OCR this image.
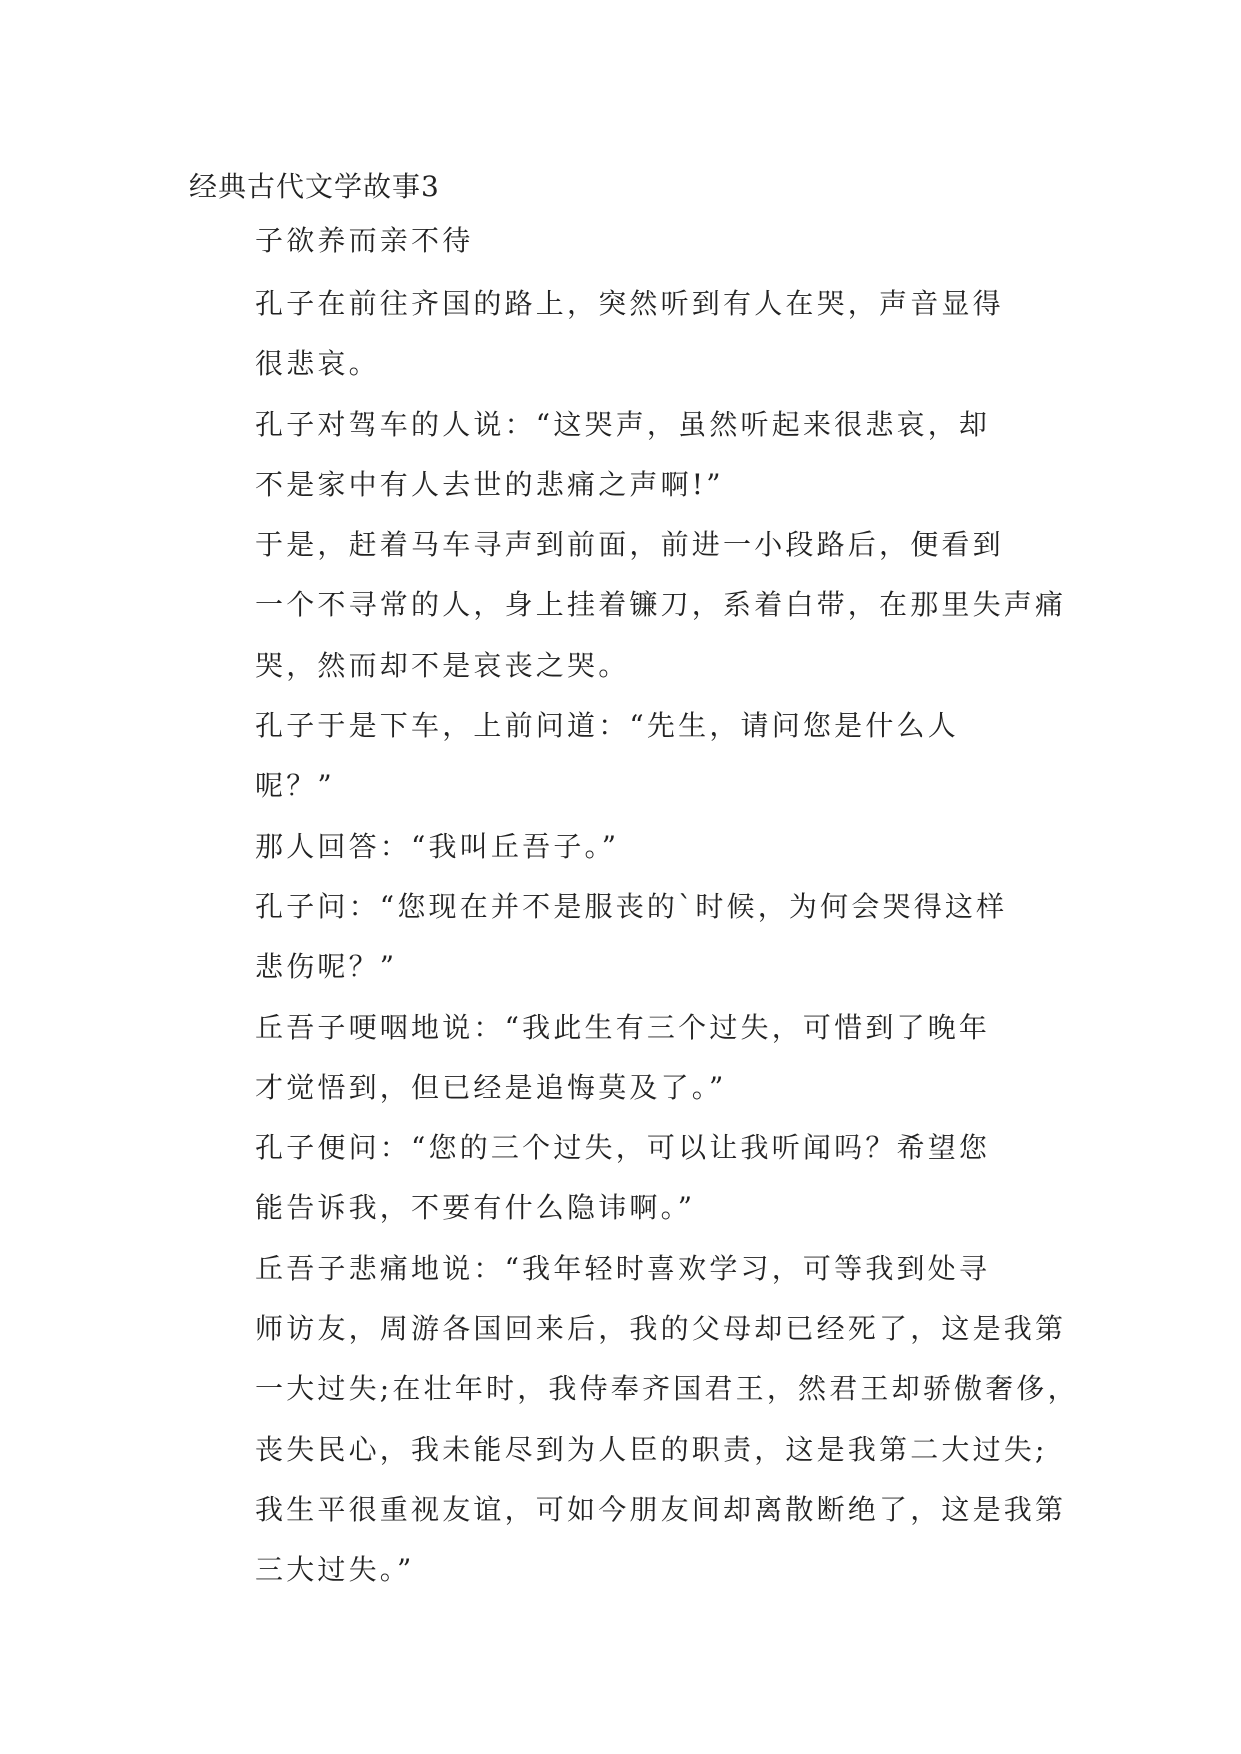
经典古代文学故事3

子欲养而亲不待

孔子在前往齐国的路上，突然听到有人在哭，声音显得
很悲哀。

孔子对驾车的人说：“这哭声，虽然听起来很悲哀，却
不是家中有人去世的悲痛之声啊!”

于是，赶着马车寻声到前面，前进一小段路后，便看到
一个不寻常的人，身上挂着镰刀，系着白带，在那里失声痛
哭，然而却不是哀丧之哭。

孔子于是下车，上前问道：“先生，请问您是什么人
呢？”

那人回答：“我叫丘吾子。”

孔子问：“您现在并不是服丧的`时候，为何会哭得这样
悲伤呢？”

丘吾子哽咽地说：“我此生有三个过失，可惜到了晚年
才觉悟到，但已经是追悔莫及了。”

孔子便问：“您的三个过失，可以让我听闻吗？希望您
能告诉我，不要有什么隐讳啊。”

丘吾子悲痛地说：“我年轻时喜欢学习，可等我到处寻
师访友，周游各国回来后，我的父母却已经死了，这是我第
一大过失;在壮年时，我侍奉齐国君王，然君王却骄傲奢侈，
丧失民心，我未能尽到为人臣的职责，这是我第二大过失;
我生平很重视友谊，可如今朋友间却离散断绝了，这是我第
三大过失。”
